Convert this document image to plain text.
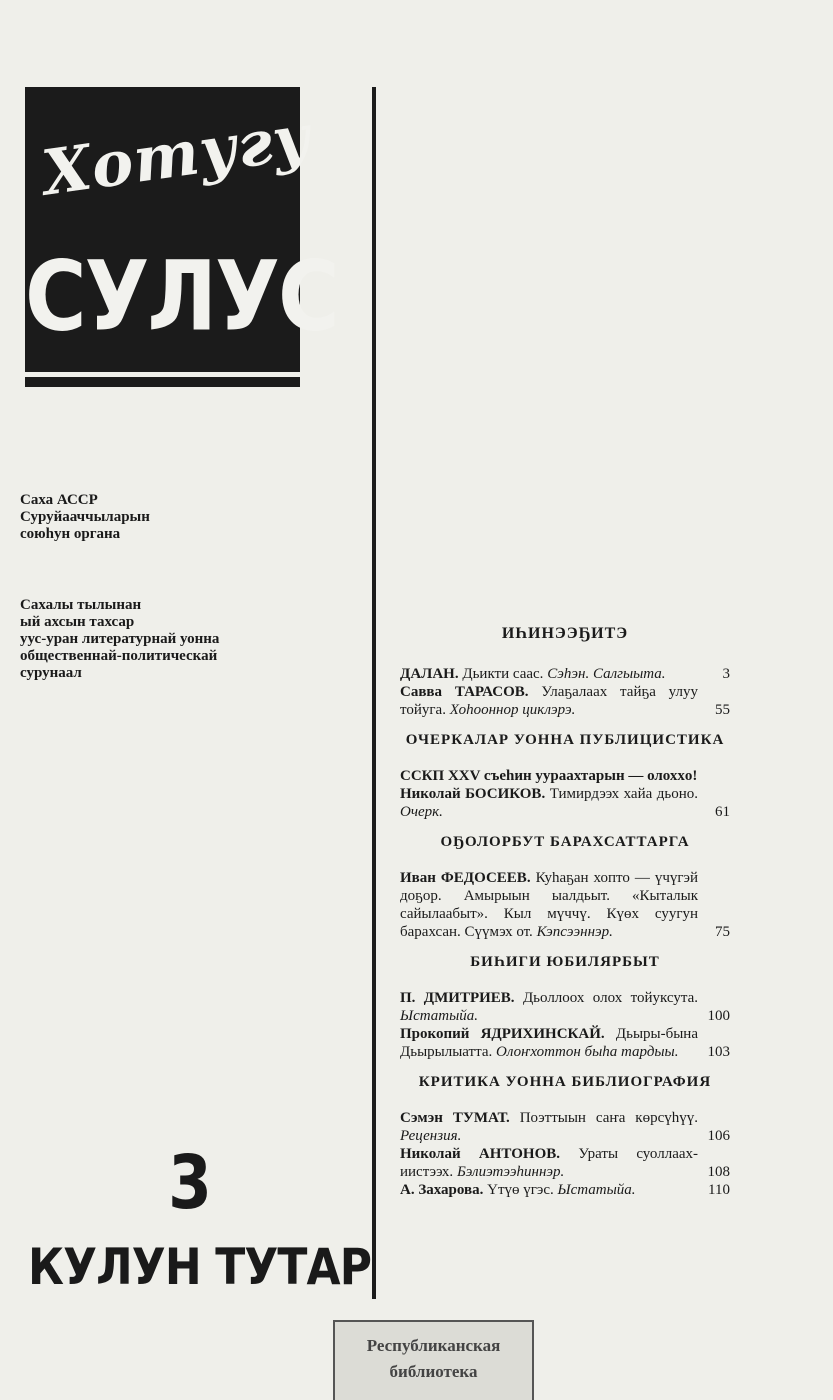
Хотугу
СУЛУС
Саха АССР
Суруйааччыларын
союhун органа
Сахалы тылынан
ый ахсын тахсар
уус-уран литературнай уонна
общественнай-политическай
сурунаал
3
КУЛУН ТУТАР
ИҺИНЭЭҔИТЭ

ДАЛАН. Дьикти саас. Сэhэн. Салгыыта.	3

Савва ТАРАСОВ. Улаҕалаах тайҕа улуу тойуга. Хоhооннор циклэрэ.	55

ОЧЕРКАЛАР УОННА ПУБЛИЦИСТИКА

ССКП XXV съеhин ууpаахтарын — олохxо!

Николай БОСИКОВ. Тимирдээх хайа дьоно. Очерк.	61

ОҔОЛОРБУТ БАРАХСАТТАРГА

Иван ФЕДОСЕЕВ. Куhаҕан хопто — үчүгэй доҕор. Амырыын ыалдьыт. «Кыталык сайылаабыт». Кыл мүччү. Күөх суугун барахсан. Сүүмэх от. Кэпсээннэр.	75

БИҺИГИ ЮБИЛЯРБЫТ

П. ДМИТРИЕВ. Дьоллоох олох тойуксута. Ыстатыйа.	100

Прокопий ЯДРИХИНСКАЙ. Дьыры-бына Дьырылыатта. Олоҥхоттон быһа тардыы. 103

КРИТИКА УОННА БИБЛИОГРАФИЯ

Сэмэн ТУМАТ. Поэттыын саҥа көрсүһүү. Рецензия.	106

Николай АНТОНОВ. Ураты суоллаах-иистээх. Бэлиэтээһиннэр.	108

А. Захарова. Үтүө үгэс. Ыстатыйа.	110

Республиканская
библиотека
